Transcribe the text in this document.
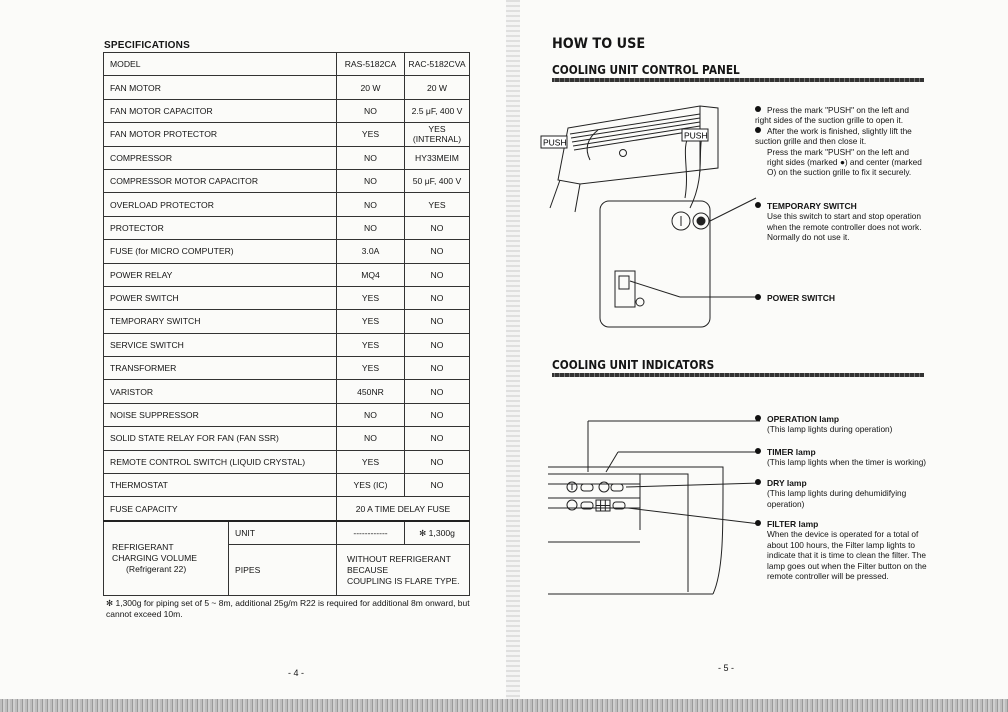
SPECIFICATIONS
MODEL		RAS-5182CA	RAC-5182CVA
FAN MOTOR		20 W	20 W
FAN MOTOR CAPACITOR		NO	2.5 μF, 400 V
FAN MOTOR PROTECTOR		YES	YES (INTERNAL)
COMPRESSOR		NO	HY33MEIM
COMPRESSOR MOTOR CAPACITOR		NO	50 μF, 400 V
OVERLOAD PROTECTOR		NO	YES
PROTECTOR		NO	NO
FUSE (for MICRO COMPUTER)		3.0A	NO
POWER RELAY		MQ4	NO
POWER SWITCH		YES	NO
TEMPORARY SWITCH		YES	NO
SERVICE SWITCH		YES	NO
TRANSFORMER		YES	NO
VARISTOR		450NR	NO
NOISE SUPPRESSOR		NO	NO
SOLID STATE RELAY FOR FAN (FAN SSR)		NO	NO
REMOTE CONTROL SWITCH (LIQUID CRYSTAL)		YES	NO
THERMOSTAT		YES (IC)	NO
FUSE CAPACITY		20 A TIME DELAY FUSE	

REFRIGERANT
CHARGING VOLUME
(Refrigerant 22)	UNIT	------------	✻ 1,300g
	PIPES	WITHOUT REFRIGERANT BECAUSE
COUPLING IS FLARE TYPE.	
✻ 1,300g for piping set of 5 ~ 8m, additional 25g/m R22 is required for additional 8m onward, but cannot exceed 10m.
- 4 -
HOW TO USE
COOLING UNIT CONTROL PANEL
PUSH
PUSH
Press the mark "PUSH" on the left and right sides of the suction grille to open it.
After the work is finished, slightly lift the suction grille and then close it.
Press the mark "PUSH" on the left and right sides (marked ●) and center (marked O) on the suction grille to fix it securely.
TEMPORARY SWITCH
Use this switch to start and stop operation when the remote controller does not work. Normally do not use it.
POWER SWITCH
COOLING UNIT INDICATORS
OPERATION lamp
(This lamp lights during operation)
TIMER lamp
(This lamp lights when the timer is working)
DRY lamp
(This lamp lights during dehumidifying operation)
FILTER lamp
When the device is operated for a total of about 100 hours, the Filter lamp lights to indicate that it is time to clean the filter. The lamp goes out when the Filter button on the remote controller will be pressed.
- 5 -
